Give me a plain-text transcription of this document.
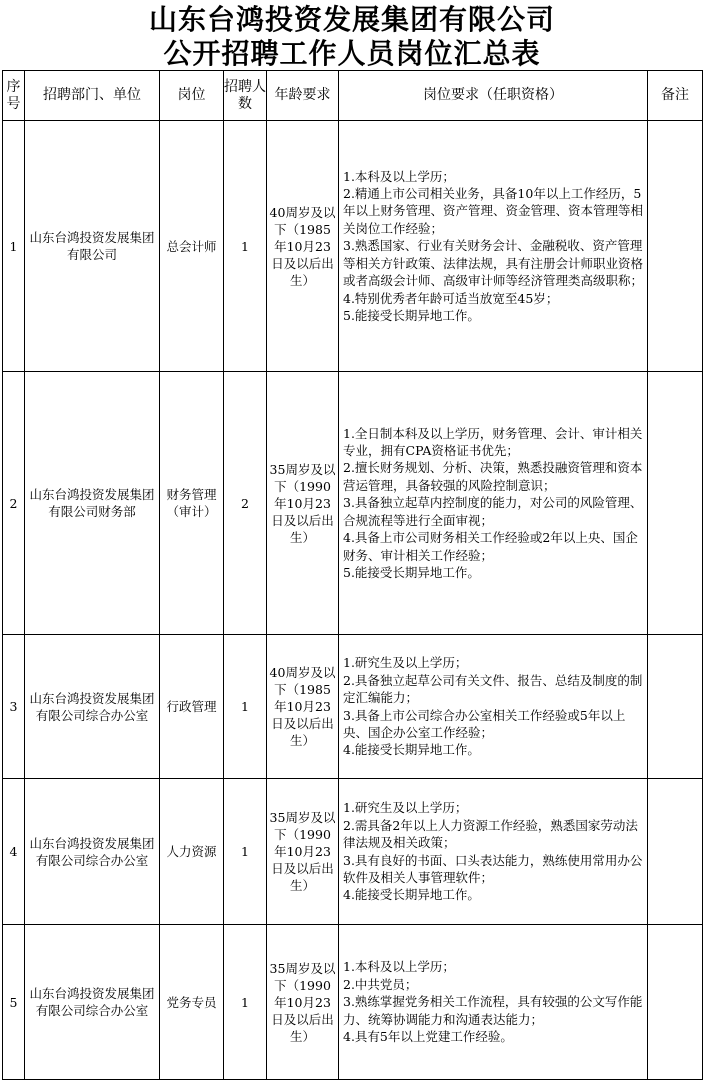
山东台鸿投资发展集团有限公司
公开招聘工作人员岗位汇总表
序号	招聘部门、单位	岗位	招聘人数	年龄要求	岗位要求（任职资格）	备注
1	山东台鸿投资发展集团有限公司	总会计师	1	40周岁及以下（1985年10月23日及以后出生）	1.本科及以上学历；
2.精通上市公司相关业务，具备10年以上工作经历，5年以上财务管理、资产管理、资金管理、资本管理等相关岗位工作经验；
3.熟悉国家、行业有关财务会计、金融税收、资产管理等相关方针政策、法律法规，具有注册会计师职业资格或者高级会计师、高级审计师等经济管理类高级职称；
4.特别优秀者年龄可适当放宽至45岁；
5.能接受长期异地工作。	

2	山东台鸿投资发展集团有限公司财务部	财务管理（审计）	2	35周岁及以下（1990年10月23日及以后出生）	1.全日制本科及以上学历，财务管理、会计、审计相关专业，拥有CPA资格证书优先；
2.擅长财务规划、分析、决策，熟悉投融资管理和资本营运管理，具备较强的风险控制意识；
3.具备独立起草内控制度的能力，对公司的风险管理、合规流程等进行全面审视；
4.具备上市公司财务相关工作经验或2年以上央、国企财务、审计相关工作经验；
5.能接受长期异地工作。	

3	山东台鸿投资发展集团有限公司综合办公室	行政管理	1	40周岁及以下（1985年10月23日及以后出生）	1.研究生及以上学历；
2.具备独立起草公司有关文件、报告、总结及制度的制定汇编能力；
3.具备上市公司综合办公室相关工作经验或5年以上央、国企办公室工作经验；
4.能接受长期异地工作。	

4	山东台鸿投资发展集团有限公司综合办公室	人力资源	1	35周岁及以下（1990年10月23日及以后出生）	1.研究生及以上学历；
2.需具备2年以上人力资源工作经验，熟悉国家劳动法律法规及相关政策；
3.具有良好的书面、口头表达能力，熟练使用常用办公软件及相关人事管理软件；
4.能接受长期异地工作。	

5	山东台鸿投资发展集团有限公司综合办公室	党务专员	1	35周岁及以下（1990年10月23日及以后出生）	1.本科及以上学历；
2.中共党员；
3.熟练掌握党务相关工作流程，具有较强的公文写作能力、统筹协调能力和沟通表达能力；
4.具有5年以上党建工作经验。	
